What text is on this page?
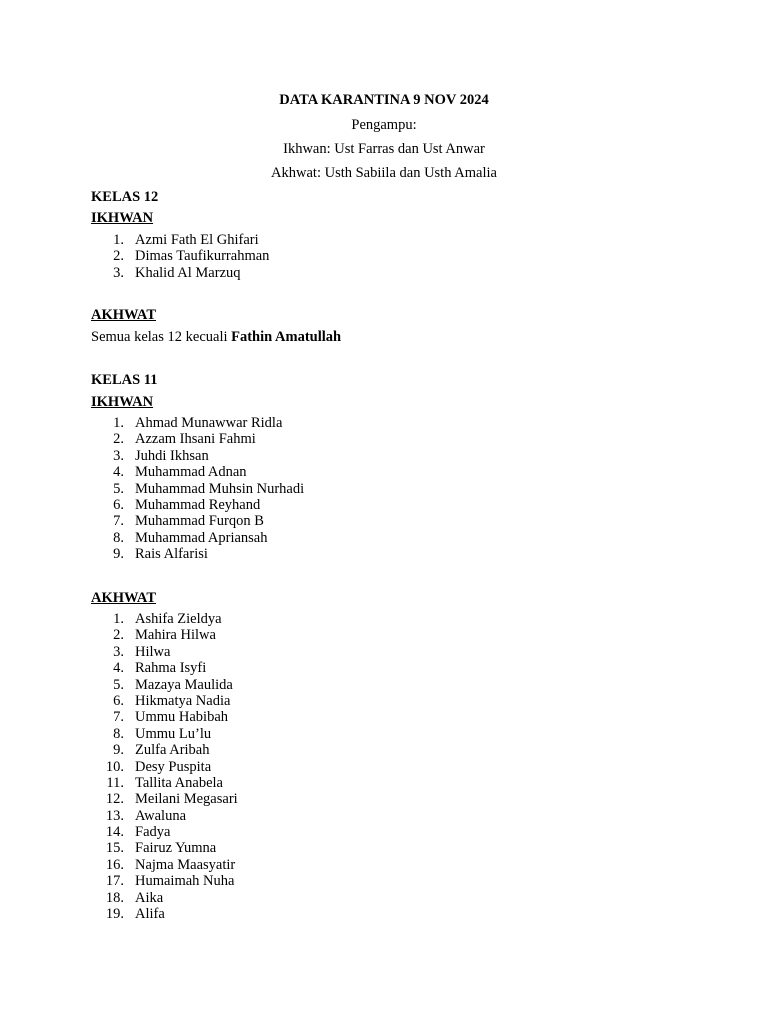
DATA KARANTINA 9 NOV 2024
Pengampu:
Ikhwan: Ust Farras dan Ust Anwar
Akhwat: Usth Sabiila dan Usth Amalia
KELAS 12
IKHWAN
1. Azmi Fath El Ghifari
2. Dimas Taufikurrahman
3. Khalid Al Marzuq
AKHWAT
Semua kelas 12 kecuali Fathin Amatullah
KELAS 11
IKHWAN
1. Ahmad Munawwar Ridla
2. Azzam Ihsani Fahmi
3. Juhdi Ikhsan
4. Muhammad Adnan
5. Muhammad Muhsin Nurhadi
6. Muhammad Reyhand
7. Muhammad Furqon B
8. Muhammad Apriansah
9. Rais Alfarisi
AKHWAT
1. Ashifa Zieldya
2. Mahira Hilwa
3. Hilwa
4. Rahma Isyfi
5. Mazaya Maulida
6. Hikmatya Nadia
7. Ummu Habibah
8. Ummu Lu’lu
9. Zulfa Aribah
10. Desy Puspita
11. Tallita Anabela
12. Meilani Megasari
13. Awaluna
14. Fadya
15. Fairuz Yumna
16. Najma Maasyatir
17. Humaimah Nuha
18. Aika
19. Alifa
